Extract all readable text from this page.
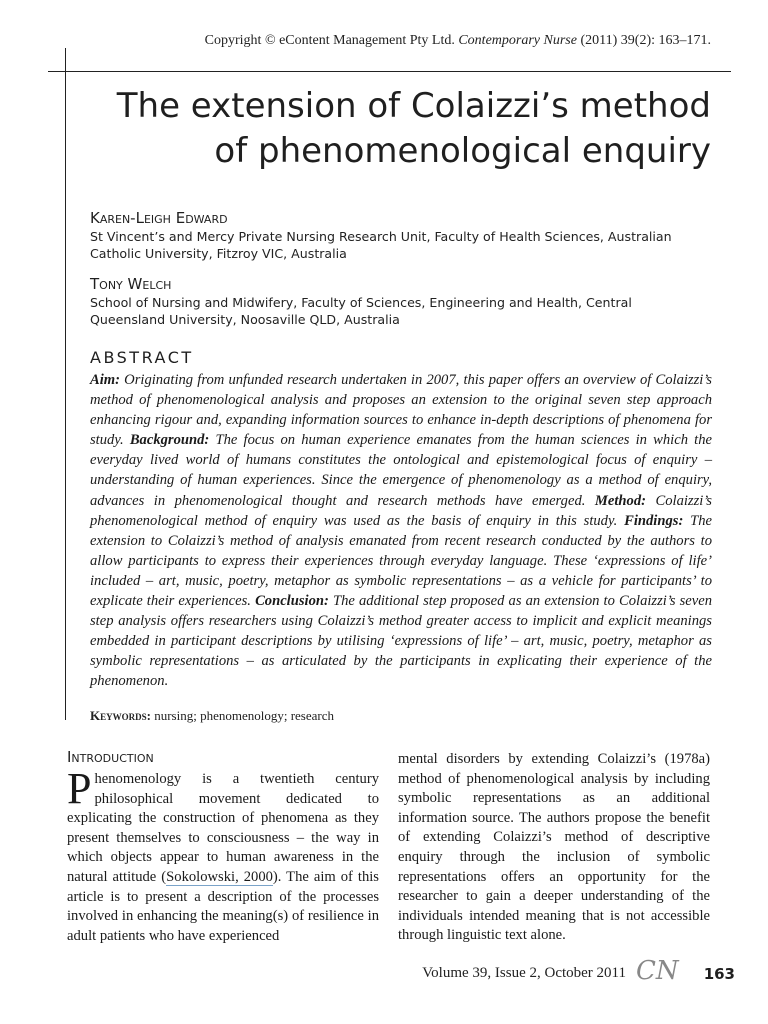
Copyright © eContent Management Pty Ltd. Contemporary Nurse (2011) 39(2): 163–171.
The extension of Colaizzi’s method
of phenomenological enquiry
Karen-Leigh Edward
St Vincent’s and Mercy Private Nursing Research Unit, Faculty of Health Sciences, Australian Catholic University, Fitzroy VIC, Australia
Tony Welch
School of Nursing and Midwifery, Faculty of Sciences, Engineering and Health, Central Queensland University, Noosaville QLD, Australia
ABSTRACT
Aim: Originating from unfunded research undertaken in 2007, this paper offers an overview of Colaizzi’s method of phenomenological analysis and proposes an extension to the original seven step approach enhancing rigour and, expanding information sources to enhance in-depth descriptions of phenomena for study. Background: The focus on human experience emanates from the human sciences in which the everyday lived world of humans constitutes the ontological and epistemological focus of enquiry – understanding of human experiences. Since the emergence of phenomenology as a method of enquiry, advances in phenomenological thought and research methods have emerged. Method: Colaizzi’s phenomenological method of enquiry was used as the basis of enquiry in this study. Findings: The extension to Colaizzi’s method of analysis emanated from recent research conducted by the authors to allow participants to express their experiences through everyday language. These ‘expressions of life’ included – art, music, poetry, metaphor as symbolic representations – as a vehicle for participants’ to explicate their experiences. Conclusion: The additional step proposed as an extension to Colaizzi’s seven step analysis offers researchers using Colaizzi’s method greater access to implicit and explicit meanings embedded in participant descriptions by utilising ‘expressions of life’ – art, music, poetry, metaphor as symbolic representations – as articulated by the participants in explicating their experience of the phenomenon.
Keywords: nursing; phenomenology; research
Introduction
Phenomenology is a twentieth century philosophical movement dedicated to explicating the construction of phenomena as they present themselves to consciousness – the way in which objects appear to human awareness in the natural attitude (Sokolowski, 2000). The aim of this article is to present a description of the processes involved in enhancing the meaning(s) of resilience in adult patients who have experienced
mental disorders by extending Colaizzi’s (1978a) method of phenomenological analysis by including symbolic representations as an additional information source. The authors propose the benefit of extending Colaizzi’s method of descriptive enquiry through the inclusion of symbolic representations offers an opportunity for the researcher to gain a deeper understanding of the individuals intended meaning that is not accessible through linguistic text alone.
Volume 39, Issue 2, October 2011 CN	163
